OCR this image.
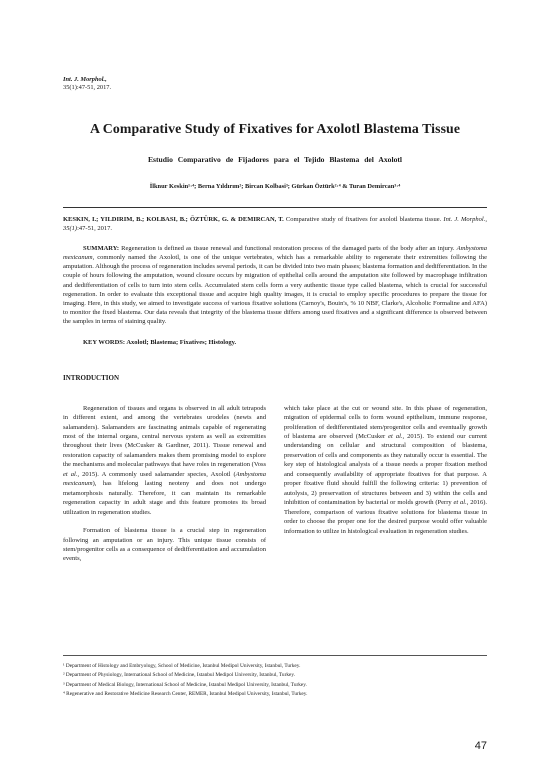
Int. J. Morphol.,
35(1):47-51, 2017.
A Comparative Study of Fixatives for Axolotl Blastema Tissue
Estudio Comparativo de Fijadores para el Tejido Blastema del Axolotl
İlknur Keskin¹·⁴; Berna Yıldırım²; Bircan Kolbasi³; Gürkan Öztürk²·⁴ & Turan Demircan³·⁴
KESKIN, I.; YILDIRIM, B.; KOLBASI, B.; ÖZTÜRK, G. & DEMIRCAN, T. Comparative study of fixatives for axolotl blastema tissue. Int. J. Morphol., 35(1):47-51, 2017.
SUMMARY: Regeneration is defined as tissue renewal and functional restoration process of the damaged parts of the body after an injury. Ambystoma mexicanum, commonly named the Axolotl, is one of the unique vertebrates, which has a remarkable ability to regenerate their extremities following the amputation. Although the process of regeneration includes several periods, it can be divided into two main phases; blastema formation and dedifferentiation. In the couple of hours following the amputation, wound closure occurs by migration of epithelial cells around the amputation site followed by macrophage infiltration and dedifferentiation of cells to turn into stem cells. Accumulated stem cells form a very authentic tissue type called blastema, which is crucial for successful regeneration. In order to evaluate this exceptional tissue and acquire high quality images, it is crucial to employ specific procedures to prepare the tissue for imaging. Here, in this study, we aimed to investigate success of various fixative solutions (Carnoy's, Bouin's, % 10 NBF, Clarke's, Alcoholic Formaline and AFA) to monitor the fixed blastema. Our data reveals that integrity of the blastema tissue differs among used fixatives and a significant difference is observed between the samples in terms of staining quality.
KEY WORDS: Axolotl; Blastema; Fixatives; Histology.
INTRODUCTION

Regeneration of tissues and organs is observed in all adult tetrapods in different extent, and among the vertebrates urodeles (newts and salamanders). Salamanders are fascinating animals capable of regenerating most of the internal organs, central nervous system as well as extremities throughout their lives (McCusker & Gardiner, 2011). Tissue renewal and restoration capacity of salamanders makes them promising model to explore the mechanisms and molecular pathways that have roles in regeneration (Voss et al., 2015). A commonly used salamander species, Axolotl (Ambystoma mexicanum), has lifelong lasting neoteny and does not undergo metamorphosis naturally. Therefore, it can maintain its remarkable regeneration capacity in adult stage and this feature promotes its broad utilization in regeneration studies.

Formation of blastema tissue is a crucial step in regeneration following an amputation or an injury. This unique tissue consists of stem/progenitor cells as a consequence of dedifferentiation and accumulation events,

which take place at the cut or wound site. In this phase of regeneration, migration of epidermal cells to form wound epithelium, immune response, proliferation of dedifferentiated stem/progenitor cells and eventually growth of blastema are observed (McCusker et al., 2015). To extend our current understanding on cellular and structural composition of blastema, preservation of cells and components as they naturally occur is essential. The key step of histological analysis of a tissue needs a proper fixation method and consequently availability of appropriate fixatives for that purpose. A proper fixative fluid should fulfill the following criteria: 1) prevention of autolysis, 2) preservation of structures between and 3) within the cells and inhibition of contamination by bacterial or molds growth (Perry et al., 2016). Therefore, comparison of various fixative solutions for blastema tissue in order to choose the proper one for the desired purpose would offer valuable information to utilize in histological evaluation in regeneration studies.

¹ Department of Histology and Embryology, School of Medicine, Istanbul Medipol University, Istanbul, Turkey.
² Department of Physiology, International School of Medicine, Istanbul Medipol University, Istanbul, Turkey.
³ Department of Medical Biology, International School of Medicine, Istanbul Medipol University, Istanbul, Turkey.
⁴ Regenerative and Restorative Medicine Research Center, REMER, Istanbul Medipol University, Istanbul, Turkey.
47
